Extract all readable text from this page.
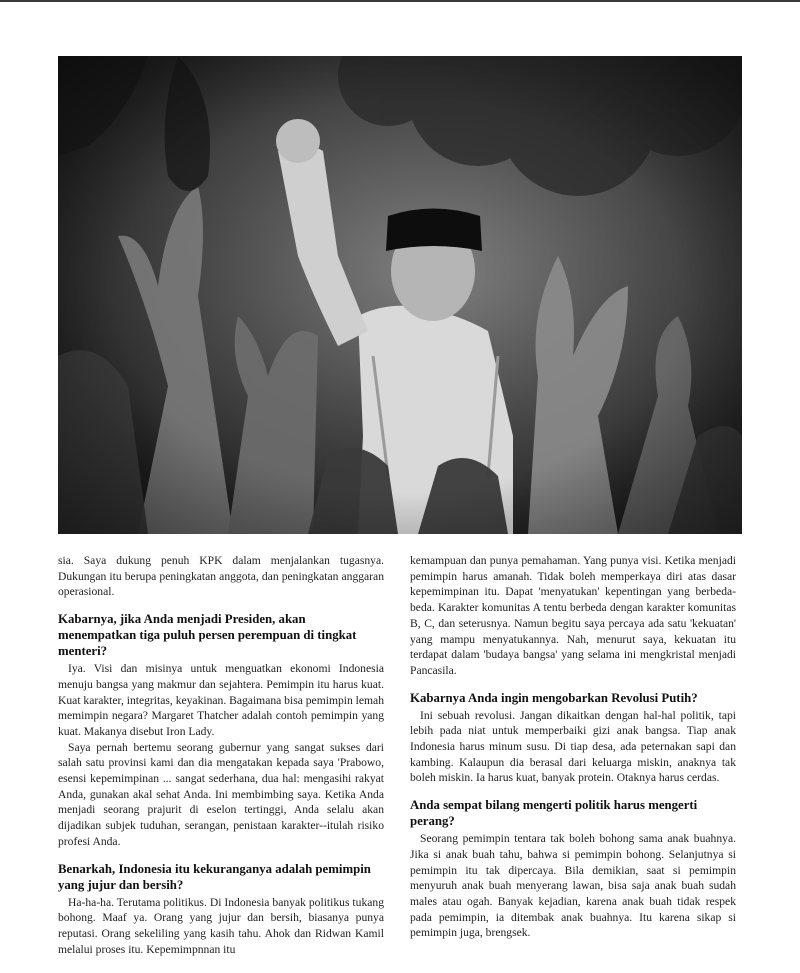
sia. Saya dukung penuh KPK dalam menjalankan tugasnya. Dukungan itu berupa peningkatan anggota, dan peningkatan anggaran operasional.

Kabarnya, jika Anda menjadi Presiden, akan menempatkan tiga puluh persen perempuan di tingkat menteri?

Iya. Visi dan misinya untuk menguatkan ekonomi Indonesia menuju bangsa yang makmur dan sejahtera. Pemimpin itu harus kuat. Kuat karakter, integritas, keyakinan. Bagaimana bisa pemimpin lemah memimpin negara? Margaret Thatcher adalah contoh pemimpin yang kuat. Makanya disebut Iron Lady.

Saya pernah bertemu seorang gubernur yang sangat sukses dari salah satu provinsi kami dan dia mengatakan kepada saya 'Prabowo, esensi kepemimpinan ... sangat sederhana, dua hal: mengasihi rakyat Anda, gunakan akal sehat Anda. Ini membimbing saya. Ketika Anda menjadi seorang prajurit di eselon tertinggi, Anda selalu akan dijadikan subjek tuduhan, serangan, penistaan karakter--itulah risiko profesi Anda.

Benarkah, Indonesia itu kekuranganya adalah pemimpin yang jujur dan bersih?

Ha-ha-ha. Terutama politikus. Di Indonesia banyak politikus tukang bohong. Maaf ya. Orang yang jujur dan bersih, biasanya punya reputasi. Orang sekeliling yang kasih tahu. Ahok dan Ridwan Kamil melalui proses itu. Kepemimpnnan itu

kemampuan dan punya pemahaman. Yang punya visi. Ketika menjadi pemimpin harus amanah. Tidak boleh memperkaya diri atas dasar kepemimpinan itu. Dapat 'menyatukan' kepentingan yang berbeda-beda. Karakter komunitas A tentu berbeda dengan karakter komunitas B, C, dan seterusnya. Namun begitu saya percaya ada satu 'kekuatan' yang mampu menyatukannya. Nah, menurut saya, kekuatan itu terdapat dalam 'budaya bangsa' yang selama ini mengkristal menjadi Pancasila.

Kabarnya Anda ingin mengobarkan Revolusi Putih?

Ini sebuah revolusi. Jangan dikaitkan dengan hal-hal politik, tapi lebih pada niat untuk memperbaiki gizi anak bangsa. Tiap anak Indonesia harus minum susu. Di tiap desa, ada peternakan sapi dan kambing. Kalaupun dia berasal dari keluarga miskin, anaknya tak boleh miskin. Ia harus kuat, banyak protein. Otaknya harus cerdas.

Anda sempat bilang mengerti politik harus mengerti perang?

Seorang pemimpin tentara tak boleh bohong sama anak buahnya. Jika si anak buah tahu, bahwa si pemimpin bohong. Selanjutnya si pemimpin itu tak dipercaya. Bila demikian, saat si pemimpin menyuruh anak buah menyerang lawan, bisa saja anak buah sudah males atau ogah. Banyak kejadian, karena anak buah tidak respek pada pemimpin, ia ditembak anak buahnya. Itu karena sikap si pemimpin juga, brengsek.
